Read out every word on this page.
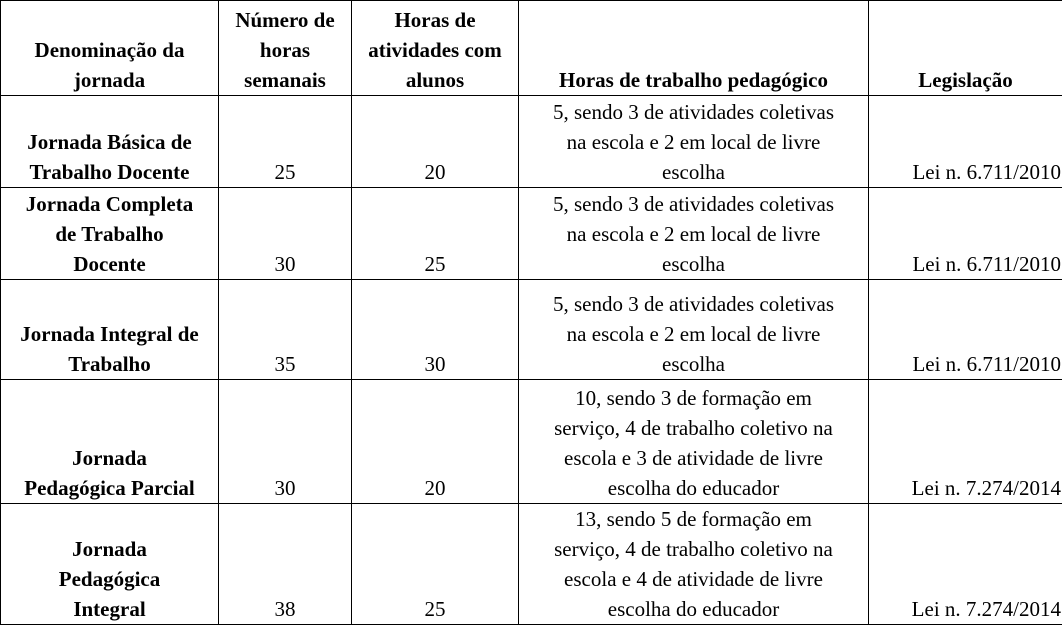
Denominação da
jornada	Número de
horas
semanais	Horas de
atividades com
alunos	Horas de trabalho pedagógico	Legislação

Jornada Básica de
Trabalho Docente	25	20	5, sendo 3 de atividades coletivas
na escola e 2 em local de livre
escolha	Lei n. 6.711/2010

Jornada Completa
de Trabalho
Docente	30	25	5, sendo 3 de atividades coletivas
na escola e 2 em local de livre
escolha	Lei n. 6.711/2010

Jornada Integral de
Trabalho	35	30	5, sendo 3 de atividades coletivas
na escola e 2 em local de livre
escolha	Lei n. 6.711/2010

Jornada
Pedagógica Parcial	30	20	10, sendo 3 de formação em
serviço, 4 de trabalho coletivo na
escola e 3 de atividade de livre
escolha do educador	Lei n. 7.274/2014

Jornada
Pedagógica
Integral	38	25	13, sendo 5 de formação em
serviço, 4 de trabalho coletivo na
escola e 4 de atividade de livre
escolha do educador	Lei n. 7.274/2014
